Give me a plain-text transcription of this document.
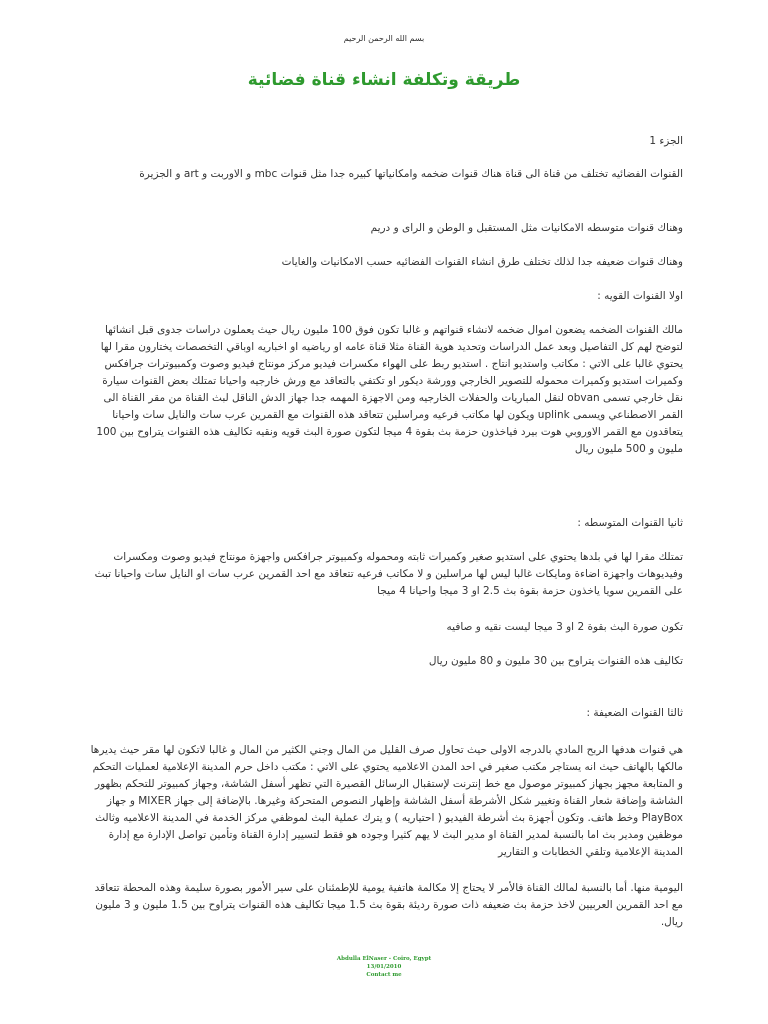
بسم الله الرحمن الرحيم
طريقة وتكلفة انشاء قناة فضائية
الجزء 1
القنوات الفضائيه تختلف من قناة الى قناة هناك قنوات ضخمه وامكانياتها كبيره جدا مثل قنوات mbc و الاوربت و art و الجزيرة
وهناك قنوات متوسطه الامكانيات مثل المستقبل و الوطن و الراى و دريم
وهناك قنوات ضعيفه جدا لذلك تختلف طرق انشاء القنوات الفضائيه حسب الامكانيات والغايات
اولا القنوات القويه :
مالك القنوات الضخمه يضعون اموال ضخمه لانشاء قنواتهم و غالبا تكون فوق 100 مليون ريال حيث يعملون دراسات جدوى قبل انشائها لتوضح لهم كل التفاصيل وبعد عمل الدراسات وتحديد هوية القناة مثلا قناة عامه او رياضيه او اخباريه اوباقي التخصصات يختارون مقرا لها يحتوي غالبا على الاتي : مكاتب واستديو انتاج . استديو ربط على الهواء مكسرات فيديو مركز مونتاج فيديو وصوت وكمبيوترات جرافكس وكميرات استديو وكميرات محموله للتصوير الخارجي وورشة ديكور او تكتفي بالتعاقد مع ورش خارجيه واحيانا تمتلك بعض القنوات سيارة نقل خارجي تسمى obvan لنقل المباريات والحفلات الخارجيه ومن الاجهزة المهمه جدا جهاز الدش الناقل لبث القناة من مقر القناة الى القمر الاصطناعي ويسمى uplink ويكون لها مكاتب فرعيه ومراسلين تتعاقد هذه القنوات مع القمرين عرب سات والنايل سات واحيانا يتعاقدون مع القمر الاوروبي هوت بيرد فياخذون حزمة بث بقوة 4 ميجا لتكون صورة البث قويه ونقيه تكاليف هذه القنوات يتراوح بين 100 مليون و 500 مليون ريال
ثانيا القنوات المتوسطه :
تمتلك مقرا لها في بلدها يحتوي على استديو صغير وكميرات ثابته ومحموله وكمبيوتر جرافكس واجهزة مونتاج فيديو وصوت ومكسرات وفيديوهات واجهزة اضاءة ومايكات غالبا ليس لها مراسلين و لا مكاتب فرعيه تتعاقد مع احد القمرين عرب سات او النايل سات واحيانا تبث على القمرين سويا ياخذون حزمة بقوة بث 2.5 او 3 ميجا واحيانا 4 ميجا
تكون صورة البث بقوة 2 او 3 ميجا ليست نقيه و صافيه
تكاليف هذه القنوات يتراوح بين 30 مليون و 80 مليون ريال
ثالثا القنوات الضعيفة :
هي قنوات هدفها الربح المادي بالدرجه الاولى حيث تحاول صرف القليل من المال وجني الكثير من المال و غالبا لاتكون لها مقر حيث يديرها مالكها بالهاتف حيث انه يستاجر مكتب صغير في احد المدن الاعلاميه يحتوي على الاتي : مكتب داخل حرم المدينة الإعلامية لعمليات التحكم و المتابعة مجهز بجهاز كمبيوتر موصول مع خط إنترنت لإستقبال الرسائل القصيرة التي تظهر أسفل الشاشة، وجهاز كمبيوتر للتحكم بظهور الشاشة وإضافة شعار القناة وتغيير شكل الأشرطة أسفل الشاشة وإظهار النصوص المتحركة وغيرها. بالإضافة إلى جهاز MIXER و جهاز PlayBox وخط هاتف. وتكون أجهزة بث أشرطة الفيديو ( احتياريه ) و يترك عملية البث لموظفي مركز الخدمة في المدينة الاعلاميه وثالث موظفين ومدير بث اما بالنسبة لمدير القناة او مدير البث لا يهم كثيرا وجوده هو فقط لتسيير إدارة القناة وتأمين تواصل الإدارة مع إدارة المدينة الإعلامية وتلقي الخطابات و التقارير
اليومية منها. أما بالنسبة لمالك القناة فالأمر لا يحتاج إلا مكالمة هاتفية يومية للإطمئنان على سير الأمور بصورة سليمة وهذه المحطة تتعاقد مع احد القمرين العربيين لاخذ حزمة بث ضعيفه ذات صورة رديئة بقوة بث 1.5 ميجا تكاليف هذه القنوات يتراوح بين 1.5 مليون و 3 مليون ريال.
Abdulla ElNaser - Coiro, Egypt
13/01/2010
Contact me
